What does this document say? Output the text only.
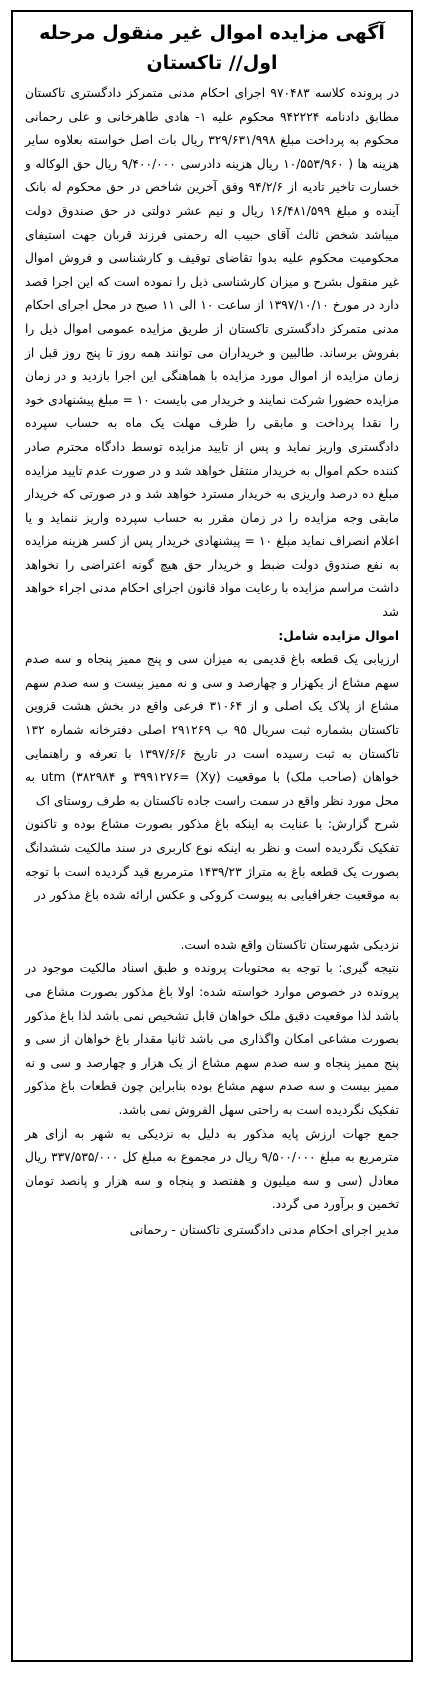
آگهی مزایده اموال غیر منقول مرحله
اول// تاکستان

در پرونده کلاسه ۹۷۰۴۸۳ اجرای احکام مدنی متمرکز دادگستری تاکستان مطابق دادنامه ۹۴۲۲۲۴ محکوم علیه ۱- هادی طاهرخانی و علی رحمانی محکوم به پرداخت مبلغ ۳۲۹/۶۳۱/۹۹۸ ریال بات اصل خواسته بعلاوه سایر هزینه ها ( ۱۰/۵۵۳/۹۶۰ ریال هزینه دادرسی ۹/۴۰۰/۰۰۰ ریال حق الوکاله و خسارت تاخیر تادیه از ۹۴/۲/۶ وفق آخرین شاخص در حق محکوم له بانک آینده و مبلغ ۱۶/۴۸۱/۵۹۹ ریال و نیم عشر دولتی در حق صندوق دولت میباشد شخص ثالث آقای حبیب اله رحمنی فرزند قربان جهت استیفای محکومیت محکوم علیه بدوا تقاضای توقیف و کارشناسی و فروش اموال غیر منقول بشرح و میزان کارشناسی ذیل را نموده است که این اجرا قصد دارد در مورخ ۱۳۹۷/۱۰/۱۰ از ساعت ۱۰ الی ۱۱ صبح در محل اجرای احکام مدنی متمرکز دادگستری تاکستان از طریق مزایده عمومی اموال ذیل را بفروش برساند. طالبین و خریداران می توانند همه روز تا پنج روز قبل از زمان مزایده از اموال مورد مزایده با هماهنگی این اجرا بازدید و در زمان مزایده حضورا شرکت نمایند و خریدار می بایست ۱۰ = مبلغ پیشنهادی خود را نقدا پرداخت و مابقی را ظرف مهلت یک ماه به حساب سپرده دادگستری واریز نماید و پس از تایید مزایده توسط دادگاه محترم صادر کننده حکم اموال به خریدار منتقل خواهد شد و در صورت عدم تایید مزایده مبلغ ده درصد واریزی به خریدار مسترد خواهد شد و در صورتی که خریدار مابقی وجه مزایده را در زمان مقرر به حساب سپرده واریز ننماید و یا اعلام انصراف نماید مبلغ ۱۰ = پیشنهادی خریدار پس از کسر هزینه مزایده به نفع صندوق دولت ضبط و خریدار حق هیچ گونه اعتراضی را نخواهد داشت مراسم مزایده با رعایت مواد قانون اجرای احکام مدنی اجراء خواهد شد

اموال مزایده شامل:

ارزیابی یک قطعه باغ قدیمی به میزان سی و پنج ممیز پنجاه و سه صدم سهم مشاع از یکهزار و چهارصد و سی و نه ممیز بیست و سه صدم سهم مشاع از پلاک یک اصلی و از ۳۱۰۶۴ فرعی واقع در بخش هشت قزوین تاکستان بشماره ثبت سریال ۹۵ ب ۲۹۱۲۶۹ اصلی دفترخانه شماره ۱۳۲ تاکستان به ثبت رسیده است در تاریخ ۱۳۹۷/۶/۶ با تعرفه و راهنمایی خواهان (صاحب ملک) با موقعیت (Xy) =۳۹۹۱۲۷۶ و ۳۸۲۹۸۴) utm به محل مورد نظر واقع در سمت راست جاده تاکستان به طرف روستای اک

شرح گزارش: با عنایت به اینکه باغ مذکور بصورت مشاع بوده و تاکنون تفکیک نگردیده است و نظر به اینکه نوع کاربری در سند مالکیت ششدانگ بصورت یک قطعه باغ به متراژ ۱۴۳۹/۲۳ مترمربع قید گردیده است با توجه به موقعیت جغرافیایی به پیوست کروکی و عکس ارائه شده باغ مذکور در

نزدیکی شهرستان تاکستان واقع شده است.

نتیجه گیری: با توجه به محتویات پرونده و طبق اسناد مالکیت موجود در پرونده در خصوص موارد خواسته شده: اولا باغ مذکور بصورت مشاع می باشد لذا موقعیت دقیق ملک خواهان قابل تشخیص نمی باشد لذا باغ مذکور بصورت مشاعی امکان واگذاری می باشد ثانیا مقدار باغ خواهان از سی و پنج ممیز پنجاه و سه صدم سهم مشاع از یک هزار و چهارصد و سی و نه ممیز بیست و سه صدم سهم مشاع بوده بنابراین چون قطعات باغ مذکور تفکیک نگردیده است به راحتی سهل الفروش نمی باشد.

جمع جهات ارزش پایه مذکور به دلیل به نزدیکی به شهر به ازای هر مترمربع به مبلغ ۹/۵۰۰/۰۰۰ ریال در مجموع به مبلغ کل ۳۳۷/۵۳۵/۰۰۰ ریال معادل (سی و سه میلیون و هفتصد و پنجاه و سه هزار و پانصد تومان تخمین و برآورد می گردد.

مدیر اجرای احکام مدنی دادگستری تاکستان - رحمانی
